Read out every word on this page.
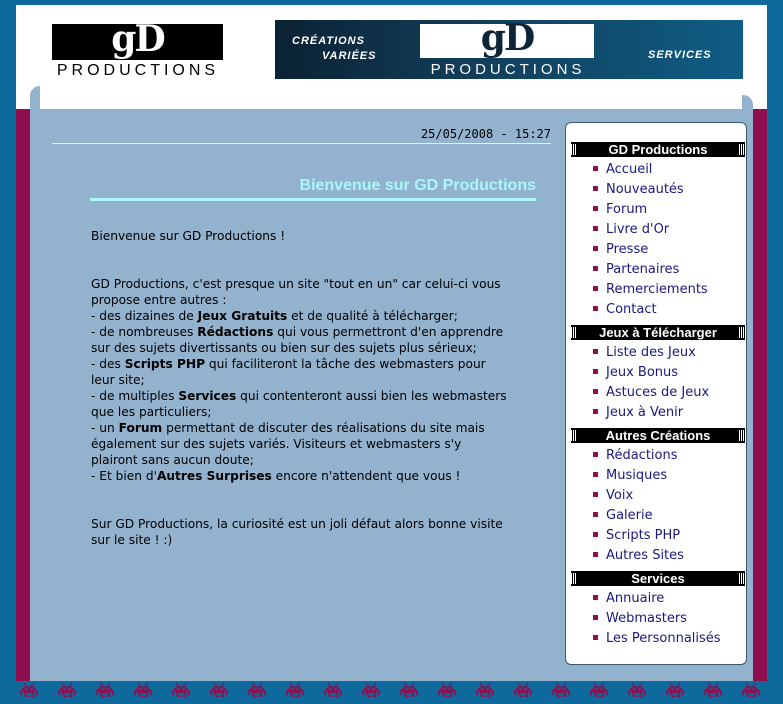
gD
PRODUCTIONS
gD
PRODUCTIONS
CRÉATIONS
VARIÉES	SERVICES
25/05/2008 - 15:27
Bienvenue sur GD Productions

Bienvenue sur GD Productions !

GD Productions, c'est presque un site "tout en un" car celui-ci vous propose entre autres :

- des dizaines de Jeux Gratuits et de qualité à télécharger;

- de nombreuses Rédactions qui vous permettront d'en apprendre sur des sujets divertissants ou bien sur des sujets plus sérieux;

- des Scripts PHP qui faciliteront la tâche des webmasters pour leur site;

- de multiples Services qui contenteront aussi bien les webmasters que les particuliers;

- un Forum permettant de discuter des réalisations du site mais également sur des sujets variés. Visiteurs et webmasters s'y plairont sans aucun doute;

- Et bien d'Autres Surprises encore n'attendent que vous !

Sur GD Productions, la curiosité est un joli défaut alors bonne visite sur le site ! :)

GD Productions
Accueil
Nouveautés
Forum
Livre d'Or
Presse
Partenaires
Remerciements
Contact
Jeux à Télécharger
Liste des Jeux
Jeux Bonus
Astuces de Jeux
Jeux à Venir
Autres Créations
Rédactions
Musiques
Voix
Galerie
Scripts PHP
Autres Sites
Services
Annuaire
Webmasters
Les Personnalisés
